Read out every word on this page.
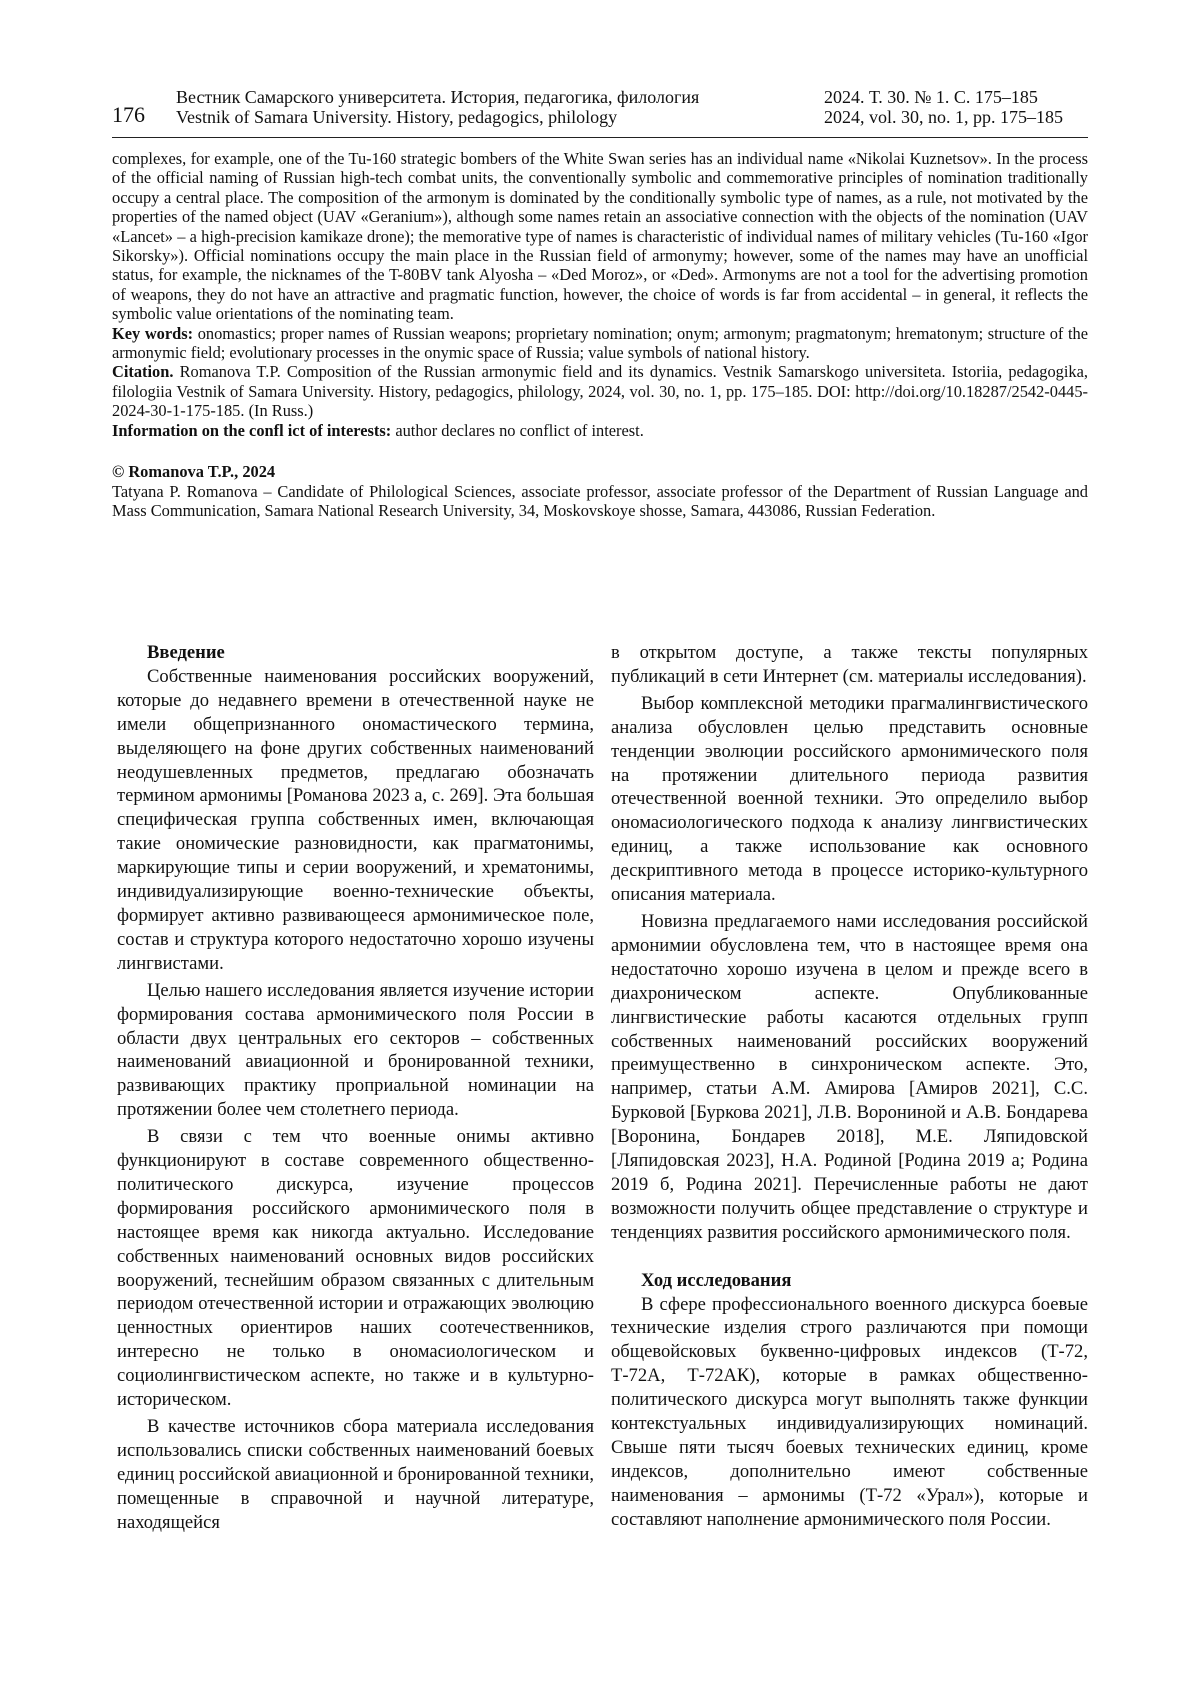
176
Вестник Самарского университета. История, педагогика, филология
Vestnik of Samara University. History, pedagogics, philology
2024. Т. 30. № 1. С. 175–185
2024, vol. 30, no. 1, pp. 175–185

complexes, for example, one of the Tu-160 strategic bombers of the White Swan series has an individual name «Nikolai Kuznetsov». In the process of the official naming of Russian high-tech combat units, the conventionally symbolic and commemorative principles of nomination traditionally occupy a central place. The composition of the armonym is dominated by the conditionally symbolic type of names, as a rule, not motivated by the properties of the named object (UAV «Geranium»), although some names retain an associative connection with the objects of the nomination (UAV «Lancet» – a high-precision kamikaze drone); the memorative type of names is characteristic of individual names of military vehicles (Tu-160 «Igor Sikorsky»). Official nominations occupy the main place in the Russian field of armonymy; however, some of the names may have an unofficial status, for example, the nicknames of the T-80BV tank Alyosha – «Ded Moroz», or «Ded». Armonyms are not a tool for the advertising promotion of weapons, they do not have an attractive and pragmatic function, however, the choice of words is far from accidental – in general, it reflects the symbolic value orientations of the nominating team.

Key words: onomastics; proper names of Russian weapons; proprietary nomination; onym; armonym; pragmatonym; hrematonym; structure of the armonymic field; evolutionary processes in the onymic space of Russia; value symbols of national history.

Citation. Romanova T.P. Composition of the Russian armonymic field and its dynamics. Vestnik Samarskogo universiteta. Istoriia, pedagogika, filologiia Vestnik of Samara University. History, pedagogics, philology, 2024, vol. 30, no. 1, pp. 175–185. DOI: http://doi.org/10.18287/2542-0445-2024-30-1-175-185. (In Russ.)

Information on the confl ict of interests: author declares no conflict of interest.

© Romanova T.P., 2024

Tatyana P. Romanova – Candidate of Philological Sciences, associate professor, associate professor of the Department of Russian Language and Mass Communication, Samara National Research University, 34, Moskovskoye shosse, Samara, 443086, Russian Federation.

Введение

Собственные наименования российских вооружений, которые до недавнего времени в отечественной науке не имели общепризнанного ономастического термина, выделяющего на фоне других собственных наименований неодушевленных предметов, предлагаю обозначать термином армонимы [Романова 2023 а, с. 269]. Эта большая специфическая группа собственных имен, включающая такие ономические разновидности, как прагматонимы, маркирующие типы и серии вооружений, и хрематонимы, индивидуализирующие военно-технические объекты, формирует активно развивающееся армонимическое поле, состав и структура которого недостаточно хорошо изучены лингвистами.

Целью нашего исследования является изучение истории формирования состава армонимического поля России в области двух центральных его секторов – собственных наименований авиационной и бронированной техники, развивающих практику проприальной номинации на протяжении более чем столетнего периода.

В связи с тем что военные онимы активно функционируют в составе современного общественно-политического дискурса, изучение процессов формирования российского армонимического поля в настоящее время как никогда актуально. Исследование собственных наименований основных видов российских вооружений, теснейшим образом связанных с длительным периодом отечественной истории и отражающих эволюцию ценностных ориентиров наших соотечественников, интересно не только в ономасиологическом и социолингвистическом аспекте, но также и в культурно-историческом.

В качестве источников сбора материала исследования использовались списки собственных наименований боевых единиц российской авиационной и бронированной техники, помещенные в справочной и научной литературе, находящейся

в открытом доступе, а также тексты популярных публикаций в сети Интернет (см. материалы исследования).

Выбор комплексной методики прагмалингвистического анализа обусловлен целью представить основные тенденции эволюции российского армонимического поля на протяжении длительного периода развития отечественной военной техники. Это определило выбор ономасиологического подхода к анализу лингвистических единиц, а также использование как основного дескриптивного метода в процессе историко-культурного описания материала.

Новизна предлагаемого нами исследования российской армонимии обусловлена тем, что в настоящее время она недостаточно хорошо изучена в целом и прежде всего в диахроническом аспекте. Опубликованные лингвистические работы касаются отдельных групп собственных наименований российских вооружений преимущественно в синхроническом аспекте. Это, например, статьи А.М. Амирова [Амиров 2021], С.С. Бурковой [Буркова 2021], Л.В. Ворониной и А.В. Бондарева [Воронина, Бондарев 2018], М.Е. Ляпидовской [Ляпидовская 2023], Н.А. Родиной [Родина 2019 а; Родина 2019 б, Родина 2021]. Перечисленные работы не дают возможности получить общее представление о структуре и тенденциях развития российского армонимического поля.

Ход исследования

В сфере профессионального военного дискурса боевые технические изделия строго различаются при помощи общевойсковых буквенно-цифровых индексов (Т-72, Т-72А, Т-72АК), которые в рамках общественно-политического дискурса могут выполнять также функции контекстуальных индивидуализирующих номинаций. Свыше пяти тысяч боевых технических единиц, кроме индексов, дополнительно имеют собственные наименования – армонимы (Т-72 «Урал»), которые и составляют наполнение армонимического поля России.
